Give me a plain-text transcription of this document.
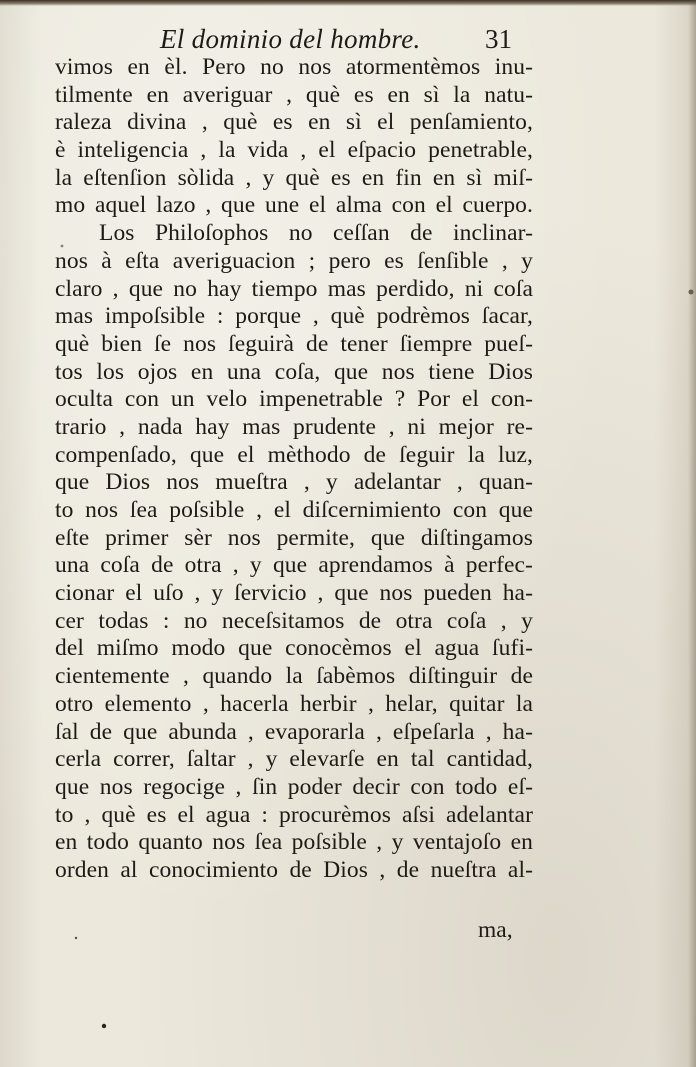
El dominio del hombre. 31
vimos en èl. Pero no nos atormentèmos inu-
tilmente en averiguar , què es en sì la natu-
raleza divina , què es en sì el penſamiento,
è inteligencia , la vida , el eſpacio penetrable,
la eſtenſion sòlida , y què es en fin en sì miſ-
mo aquel lazo , que une el alma con el cuerpo.
Los Philoſophos no ceſſan de inclinar-
nos à eſta averiguacion ; pero es ſenſible , y
claro , que no hay tiempo mas perdido, ni coſa
mas impoſsible : porque , què podrèmos ſacar,
què bien ſe nos ſeguirà de tener ſiempre pueſ-
tos los ojos en una coſa, que nos tiene Dios
oculta con un velo impenetrable ? Por el con-
trario , nada hay mas prudente , ni mejor re-
compenſado, que el mèthodo de ſeguir la luz,
que Dios nos mueſtra , y adelantar , quan-
to nos ſea poſsible , el diſcernimiento con que
eſte primer sèr nos permite, que diſtingamos
una coſa de otra , y que aprendamos à perfec-
cionar el uſo , y ſervicio , que nos pueden ha-
cer todas : no neceſsitamos de otra coſa , y
del miſmo modo que conocèmos el agua ſufi-
cientemente , quando la ſabèmos diſtinguir de
otro elemento , hacerla herbir , helar, quitar la
ſal de que abunda , evaporarla , eſpeſarla , ha-
cerla correr, ſaltar , y elevarſe en tal cantidad,
que nos regocige , ſin poder decir con todo eſ-
to , què es el agua : procurèmos aſsi adelantar
en todo quanto nos ſea poſsible , y ventajoſo en
orden al conocimiento de Dios , de nueſtra al-
ma,
